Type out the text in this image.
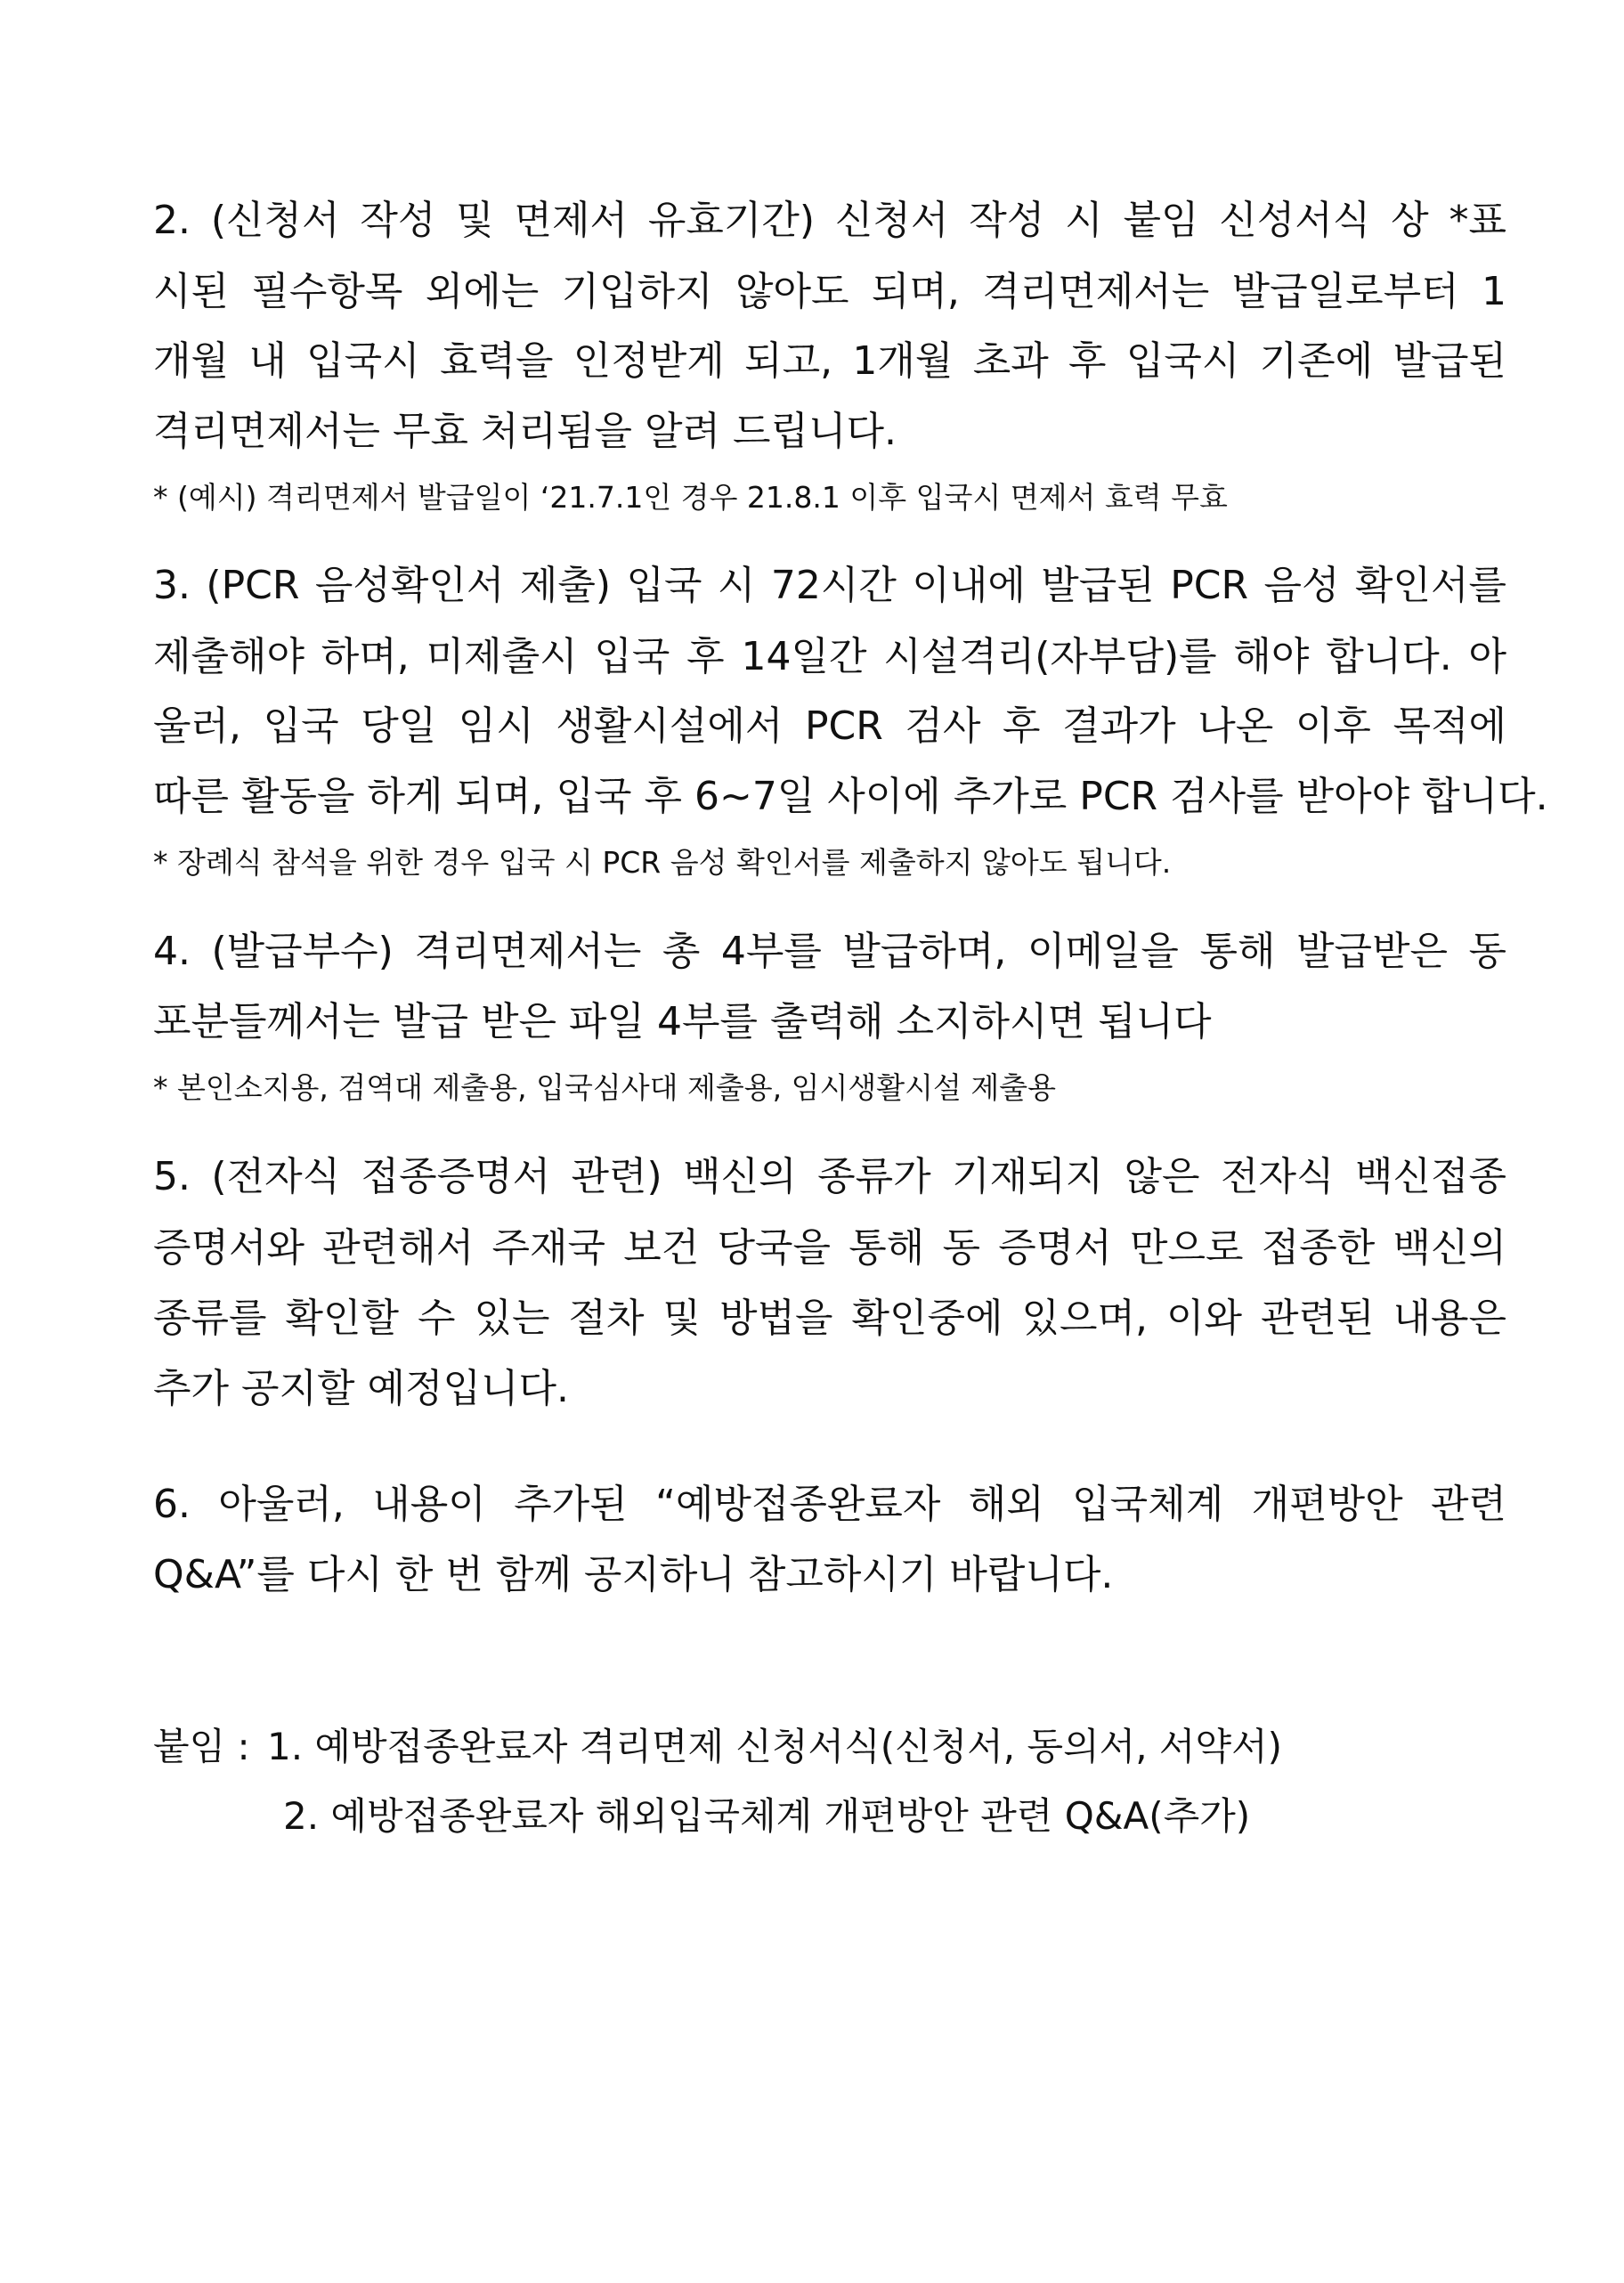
2. (신청서 작성 및 면제서 유효기간) 신청서 작성 시 붙임 신성서식 상 *표
시된 필수항목 외에는 기입하지 않아도 되며, 격리면제서는 발급일로부터 1
개월 내 입국시 효력을 인정받게 되고, 1개월 초과 후 입국시 기존에 발급된
격리면제서는 무효 처리됨을 알려 드립니다.
* (예시) 격리면제서 발급일이 ‘21.7.1인 경우 21.8.1 이후 입국시 면제서 효력 무효
3. (PCR 음성확인서 제출) 입국 시 72시간 이내에 발급된 PCR 음성 확인서를
제출해야 하며, 미제출시 입국 후 14일간 시설격리(자부담)를 해야 합니다. 아
울러, 입국 당일 임시 생활시설에서 PCR 검사 후 결과가 나온 이후 목적에
따른 활동을 하게 되며, 입국 후 6~7일 사이에 추가로 PCR 검사를 받아야 합니다.
* 장례식 참석을 위한 경우 입국 시 PCR 음성 확인서를 제출하지 않아도 됩니다.
4. (발급부수) 격리면제서는 총 4부를 발급하며, 이메일을 통해 발급받은 동
포분들께서는 발급 받은 파일 4부를 출력해 소지하시면 됩니다
* 본인소지용, 검역대 제출용, 입국심사대 제출용, 임시생활시설 제출용
5. (전자식 접종증명서 관련) 백신의 종류가 기재되지 않은 전자식 백신접종
증명서와 관련해서 주재국 보건 당국을 통해 동 증명서 만으로 접종한 백신의
종류를 확인할 수 있는 절차 및 방법을 확인중에 있으며, 이와 관련된 내용은
추가 공지할 예정입니다.
6. 아울러, 내용이 추가된 “예방접종완료자 해외 입국체계 개편방안 관련
Q&A”를 다시 한 번 함께 공지하니 참고하시기 바랍니다.
붙임 : 1. 예방접종완료자 격리면제 신청서식(신청서, 동의서, 서약서)
2. 예방접종완료자 해외입국체계 개편방안 관련 Q&A(추가)
